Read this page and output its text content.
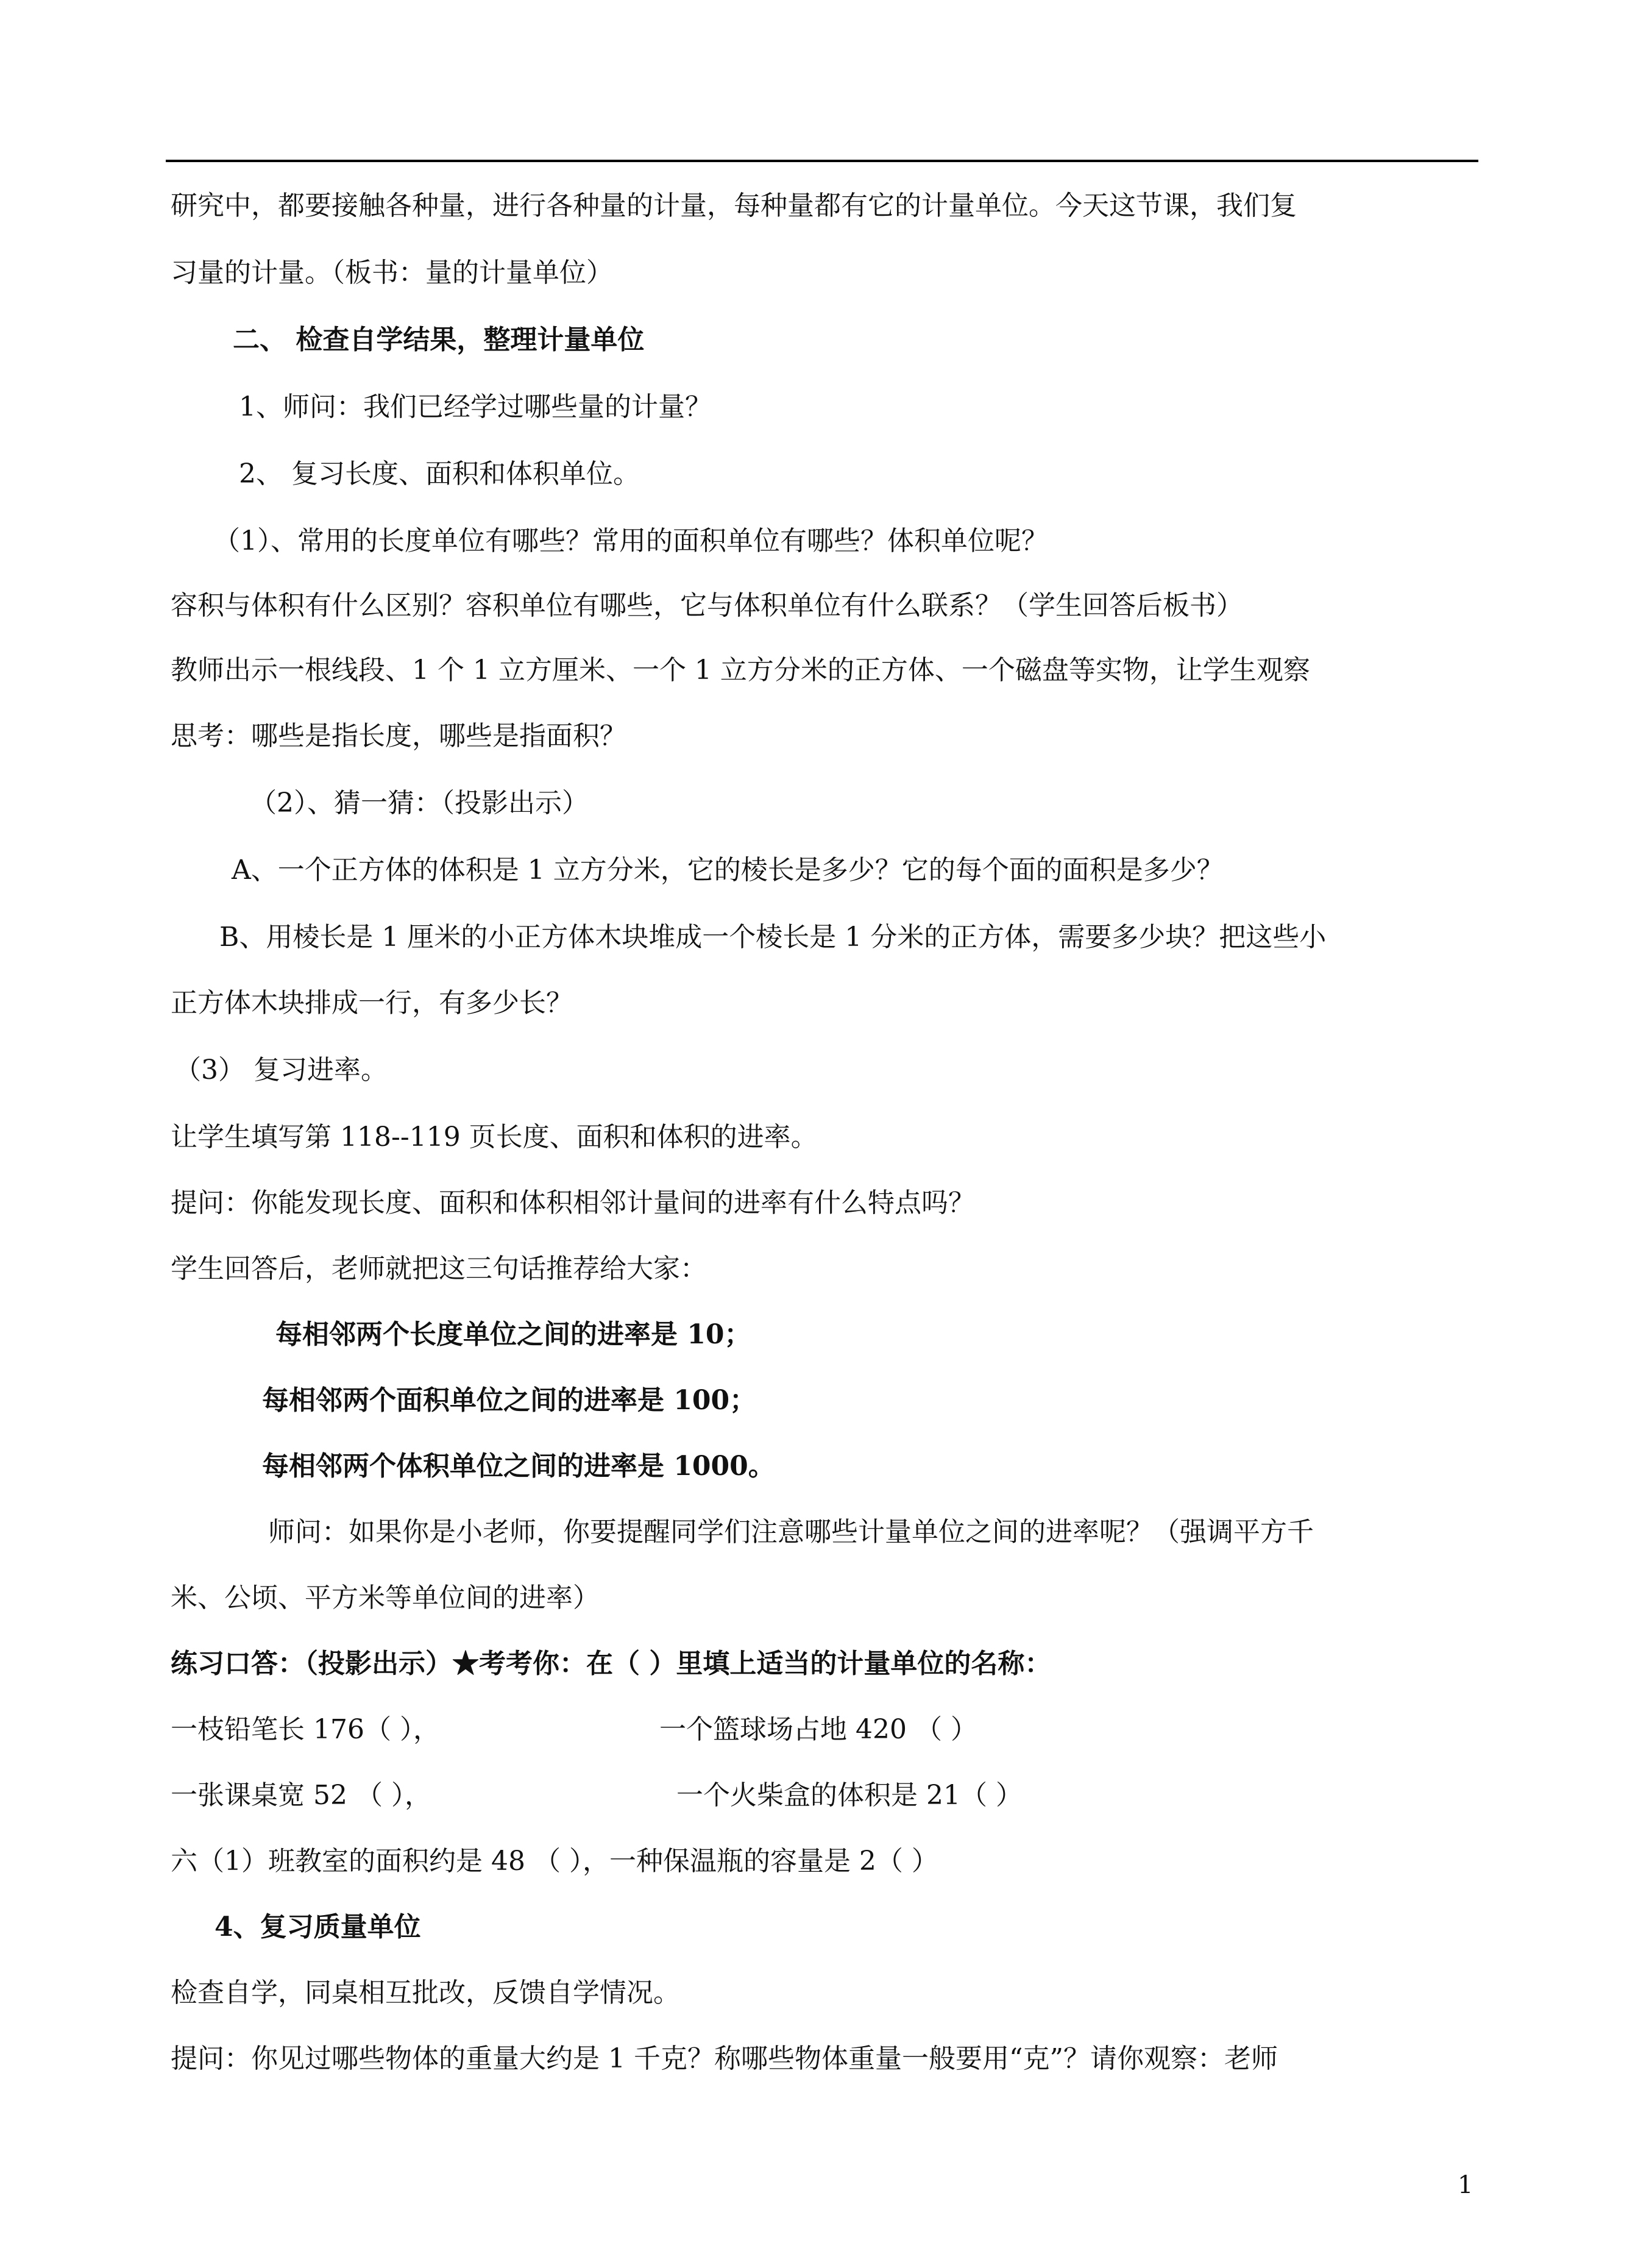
研究中，都要接触各种量，进行各种量的计量，每种量都有它的计量单位。今天这节课，我们复
习量的计量。（板书：量的计量单位）
二、 检查自学结果，整理计量单位
1、师问：我们已经学过哪些量的计量？
2、 复习长度、面积和体积单位。
（1）、常用的长度单位有哪些？常用的面积单位有哪些？体积单位呢？
容积与体积有什么区别？容积单位有哪些，它与体积单位有什么联系？（学生回答后板书）
教师出示一根线段、1 个 1 立方厘米、一个 1 立方分米的正方体、一个磁盘等实物，让学生观察
思考：哪些是指长度，哪些是指面积？
（2）、猜一猜：（投影出示）
A、一个正方体的体积是 1 立方分米，它的棱长是多少？它的每个面的面积是多少？
B、用棱长是 1 厘米的小正方体木块堆成一个棱长是 1 分米的正方体，需要多少块？把这些小
正方体木块排成一行，有多少长？
（3） 复习进率。
让学生填写第 118--119 页长度、面积和体积的进率。
提问：你能发现长度、面积和体积相邻计量间的进率有什么特点吗？
学生回答后，老师就把这三句话推荐给大家：
每相邻两个长度单位之间的进率是 10；
每相邻两个面积单位之间的进率是 100；
每相邻两个体积单位之间的进率是 1000。
师问：如果你是小老师，你要提醒同学们注意哪些计量单位之间的进率呢？（强调平方千
米、公顷、平方米等单位间的进率）
练习口答：（投影出示）★考考你：在（ ）里填上适当的计量单位的名称：
一枝铅笔长 176（ ），	一个篮球场占地 420 （ ）
一张课桌宽 52 （ ），	一个火柴盒的体积是 21（ ）
六（1）班教室的面积约是 48 （ ），一种保温瓶的容量是 2（ ）
4、复习质量单位
检查自学，同桌相互批改，反馈自学情况。
提问：你见过哪些物体的重量大约是 1 千克？称哪些物体重量一般要用“克”？请你观察：老师
1
